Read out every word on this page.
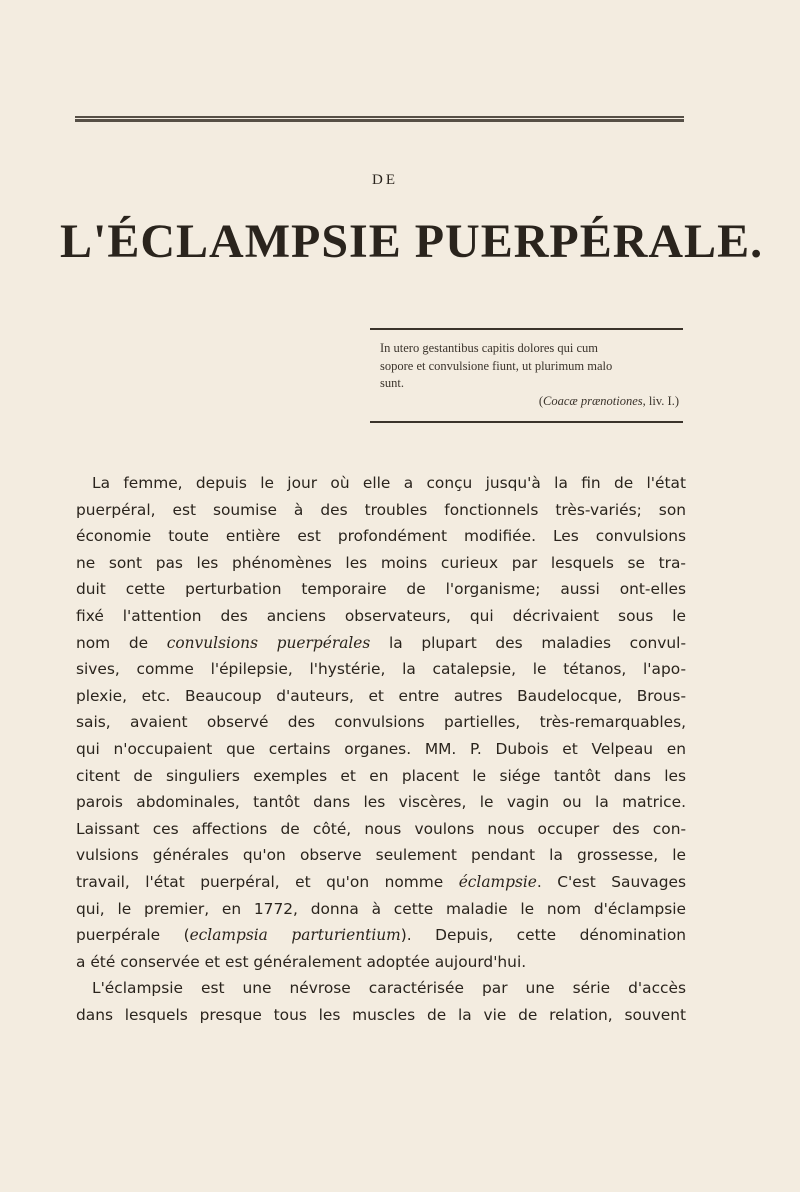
DE
L'ÉCLAMPSIE PUERPÉRALE.
In utero gestantibus capitis dolores qui cum
sopore et convulsione fiunt, ut plurimum malo
sunt.
(Coacæ prænotiones, liv. I.)
La femme, depuis le jour où elle a conçu jusqu'à la fin de l'état
puerpéral, est soumise à des troubles fonctionnels très-variés; son
économie toute entière est profondément modifiée. Les convulsions
ne sont pas les phénomènes les moins curieux par lesquels se tra-
duit cette perturbation temporaire de l'organisme; aussi ont-elles
fixé l'attention des anciens observateurs, qui décrivaient sous le
nom de convulsions puerpérales la plupart des maladies convul-
sives, comme l'épilepsie, l'hystérie, la catalepsie, le tétanos, l'apo-
plexie, etc. Beaucoup d'auteurs, et entre autres Baudelocque, Brous-
sais, avaient observé des convulsions partielles, très-remarquables,
qui n'occupaient que certains organes. MM. P. Dubois et Velpeau en
citent de singuliers exemples et en placent le siége tantôt dans les
parois abdominales, tantôt dans les viscères, le vagin ou la matrice.
Laissant ces affections de côté, nous voulons nous occuper des con-
vulsions générales qu'on observe seulement pendant la grossesse, le
travail, l'état puerpéral, et qu'on nomme éclampsie. C'est Sauvages
qui, le premier, en 1772, donna à cette maladie le nom d'éclampsie
puerpérale (eclampsia parturientium). Depuis, cette dénomination
a été conservée et est généralement adoptée aujourd'hui.
L'éclampsie est une névrose caractérisée par une série d'accès
dans lesquels presque tous les muscles de la vie de relation, souvent
